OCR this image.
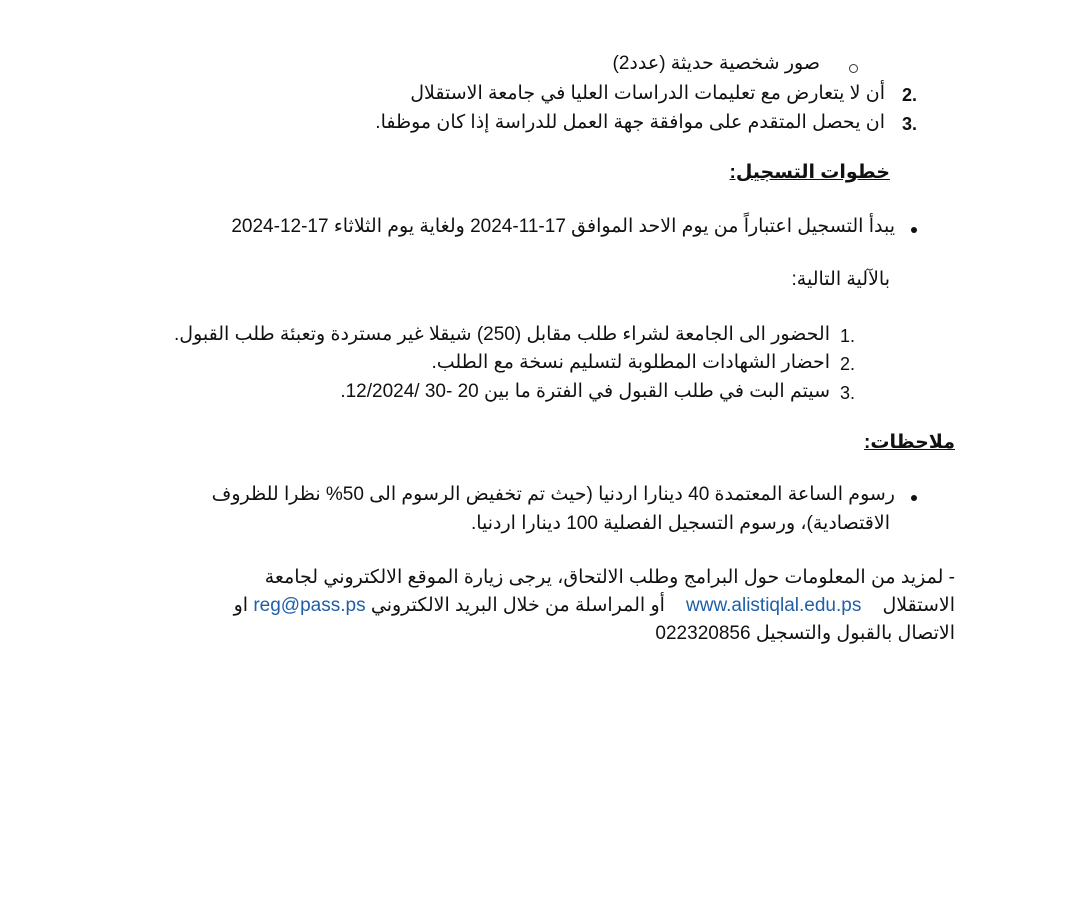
صور شخصية حديثة (عدد2)
2.
أن لا يتعارض مع تعليمات الدراسات العليا في جامعة الاستقلال
3.
ان يحصل المتقدم على موافقة جهة العمل للدراسة إذا كان موظفا.
خطوات التسجيل:
يبدأ التسجيل اعتباراً من يوم الاحد الموافق 17-11-2024 ولغاية يوم الثلاثاء 17-12-2024
بالآلية التالية:
1.
الحضور الى الجامعة لشراء طلب مقابل (250) شيقلا غير مستردة وتعبئة طلب القبول.
2.
احضار الشهادات المطلوبة لتسليم نسخة مع الطلب.
3.
سيتم البت في طلب القبول في الفترة ما بين 20 -30 /12/2024.
ملاحظات:
رسوم الساعة المعتمدة 40 دينارا اردنيا (حيث تم تخفيض الرسوم الى 50% نظرا للظروف
الاقتصادية)، ورسوم التسجيل الفصلية 100 دينارا اردنيا.
- لمزيد من المعلومات حول البرامج وطلب الالتحاق، يرجى زيارة الموقع الالكتروني لجامعة
الاستقلال    www.alistiqlal.edu.ps    أو المراسلة من خلال البريد الالكتروني reg@pass.ps او
الاتصال بالقبول والتسجيل 022320856
